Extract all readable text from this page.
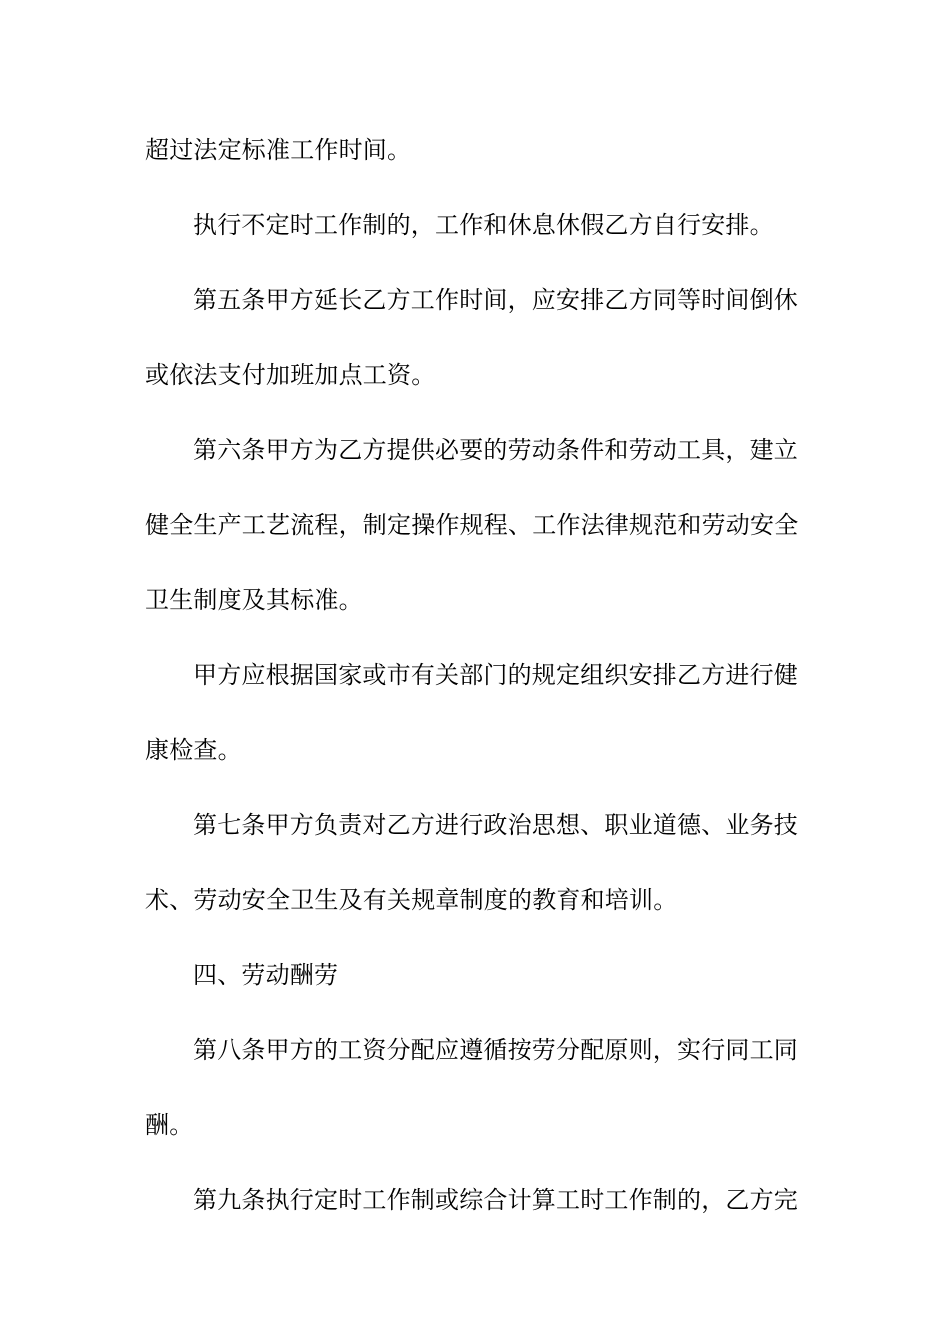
超过法定标准工作时间。
执行不定时工作制的，工作和休息休假乙方自行安排。
第五条甲方延长乙方工作时间，应安排乙方同等时间倒休
或依法支付加班加点工资。
第六条甲方为乙方提供必要的劳动条件和劳动工具，建立
健全生产工艺流程，制定操作规程、工作法律规范和劳动安全
卫生制度及其标准。
甲方应根据国家或市有关部门的规定组织安排乙方进行健
康检查。
第七条甲方负责对乙方进行政治思想、职业道德、业务技
术、劳动安全卫生及有关规章制度的教育和培训。
四、劳动酬劳
第八条甲方的工资分配应遵循按劳分配原则，实行同工同
酬。
第九条执行定时工作制或综合计算工时工作制的，乙方完
